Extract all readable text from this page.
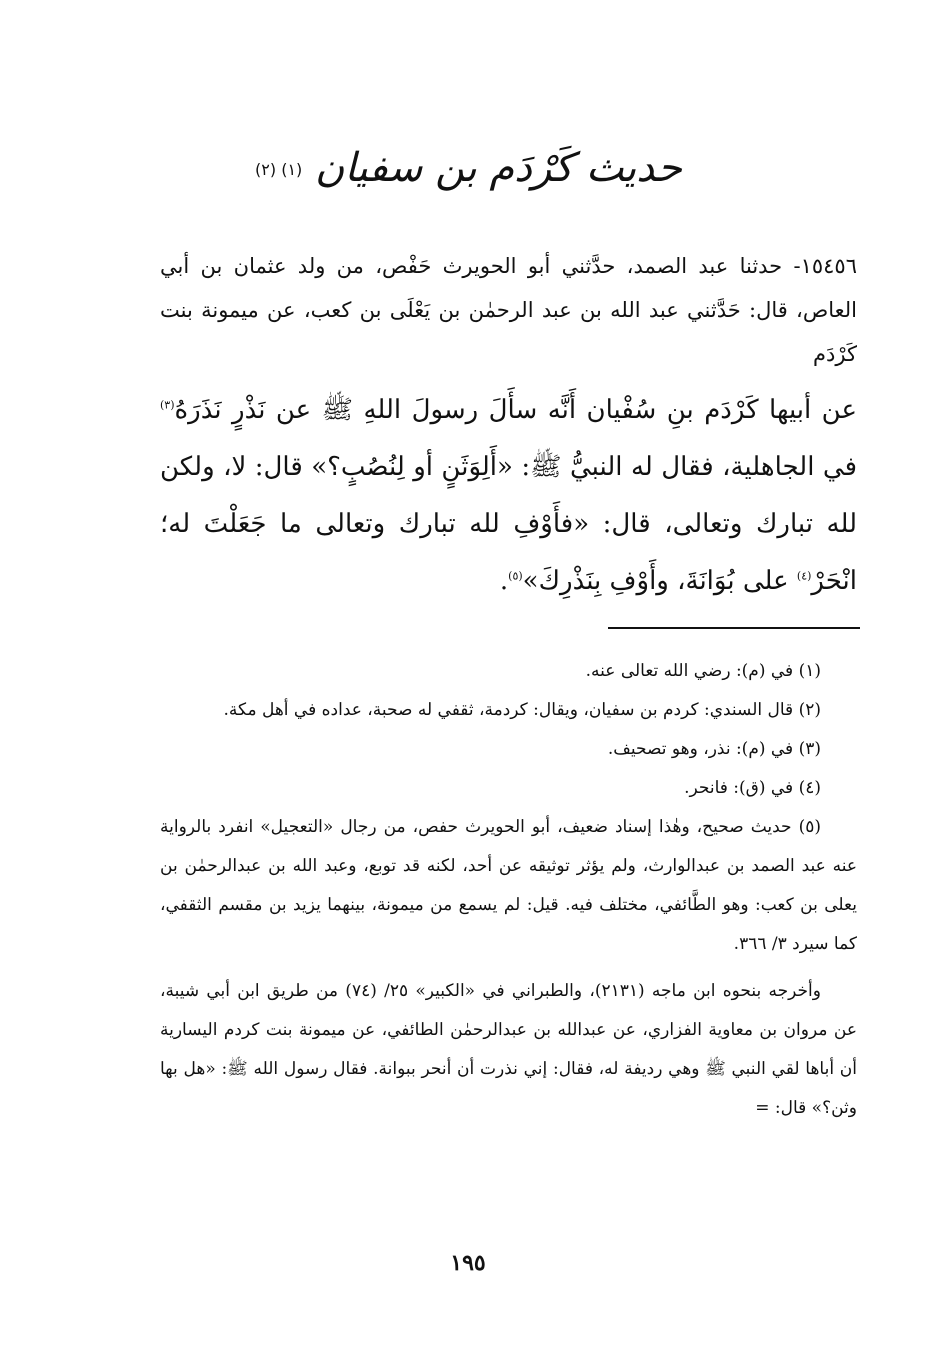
حديث كَرْدَم بن سفيان $^{(١) (٢)}$
١٥٤٥٦- حدثنا عبد الصمد، حدَّثني أبو الحويرث حَفْص، من ولد عثمان بن أبي العاص، قال: حَدَّثني عبد الله بن عبد الرحمٰن بن يَعْلَى بن كعب، عن ميمونة بنت كَرْدَم
عن أبيها كَرْدَم بنِ سُفْيان أَنَّه سأَلَ رسولَ اللهِ ﷺ عن نَذْرٍ نَذَرَهُ$^{(٣)}$ في الجاهلية، فقال له النبيُّ ﷺ: «أَلِوَثَنٍ أو لِنُصُبٍ؟» قال: لا، ولكن لله تبارك وتعالى، قال: «فأَوْفِ لله تبارك وتعالى ما جَعَلْتَ له؛ انْحَرْ$^{(٤)}$ على بُوَانَةَ، وأَوْفِ بِنَذْرِكَ»$^{(٥)}$.

(١) في (م): رضي الله تعالى عنه.

(٢) قال السندي: كردم بن سفيان، ويقال: كردمة، ثقفي له صحبة، عداده في أهل مكة.

(٣) في (م): نذر، وهو تصحيف.

(٤) في (ق): فانحر.

(٥) حديث صحيح، وهٰذا إسناد ضعيف، أبو الحويرث حفص، من رجال «التعجيل» انفرد بالرواية عنه عبد الصمد بن عبدالوارث، ولم يؤثر توثيقه عن أحد، لكنه قد توبع، وعبد الله بن عبدالرحمٰن بن يعلى بن كعب: وهو الطَّائفي، مختلف فيه. قيل: لم يسمع من ميمونة، بينهما يزيد بن مقسم الثقفي، كما سيرد ٣/ ٣٦٦.

وأخرجه بنحوه ابن ماجه (٢١٣١)، والطبراني في «الكبير» ٢٥/ (٧٤) من طريق ابن أبي شيبة، عن مروان بن معاوية الفزاري، عن عبدالله بن عبدالرحمٰن الطائفي، عن ميمونة بنت كردم اليسارية أن أباها لقي النبي ﷺ وهي رديفة له، فقال: إني نذرت أن أنحر ببوانة. فقال رسول الله ﷺ: «هل بها وثن؟» قال: =

١٩٥
